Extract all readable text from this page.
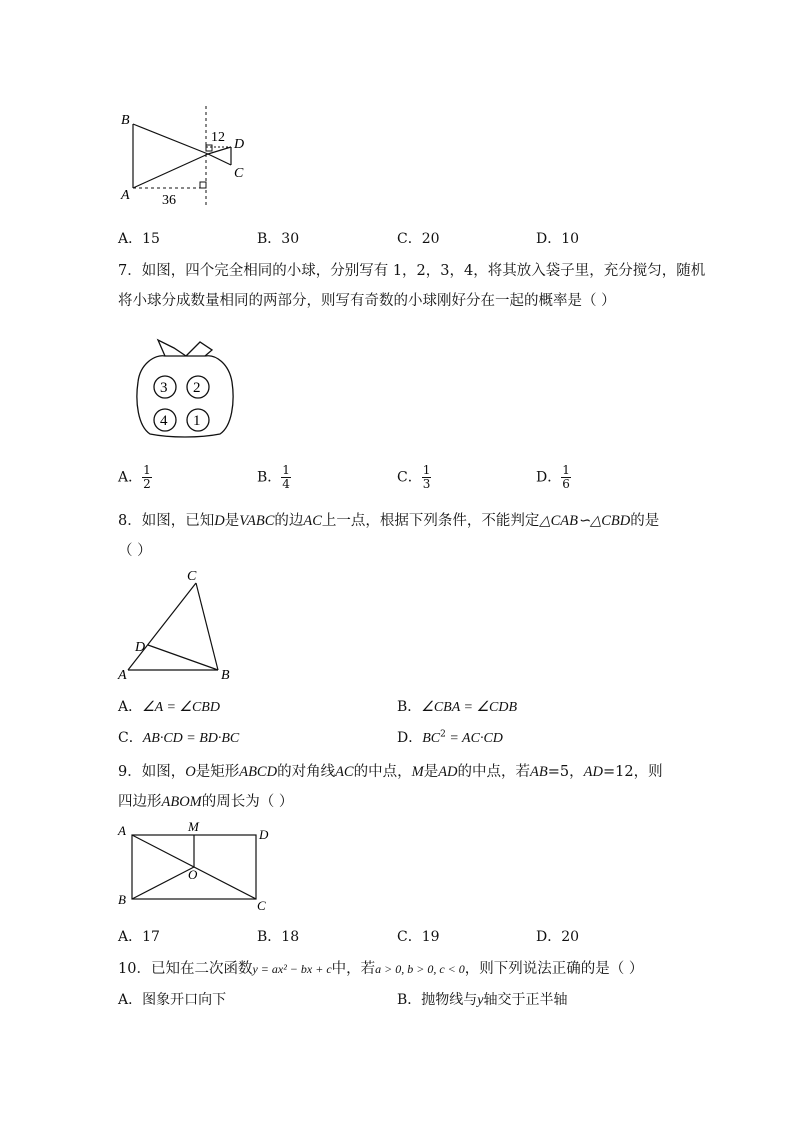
B
A
D
C
12
36
A．15	B．30	C．20	D．10
7．如图，四个完全相同的小球，分别写有 1，2，3，4，将其放入袋子里，充分搅匀，随机
将小球分成数量相同的两部分，则写有奇数的小球刚好分在一起的概率是（ ）
3 2
4 1
A． $\frac{1}{2}$	B． $\frac{1}{4}$	C． $\frac{1}{3}$	D． $\frac{1}{6}$
8．如图，已知D是VABC的边AC上一点，根据下列条件，不能判定△CAB∽△CBD的是
（ ）
C
D
A	B
A．∠A = ∠CBD	B．∠CBA = ∠CDB
C．AB·CD = BD·BC	D．$BC^2 = AC\cdot CD$
9．如图，O是矩形ABCD的对角线AC的中点，M是AD的中点，若AB=5，AD=12，则
四边形ABOM的周长为（ ）
A	M
D
O
B	C
A．17	B．18	C．19	D．20
10．已知在二次函数y = ax² − bx + c中，若a > 0, b > 0, c < 0，则下列说法正确的是（ ）
A．图象开口向下	B．抛物线与y轴交于正半轴
